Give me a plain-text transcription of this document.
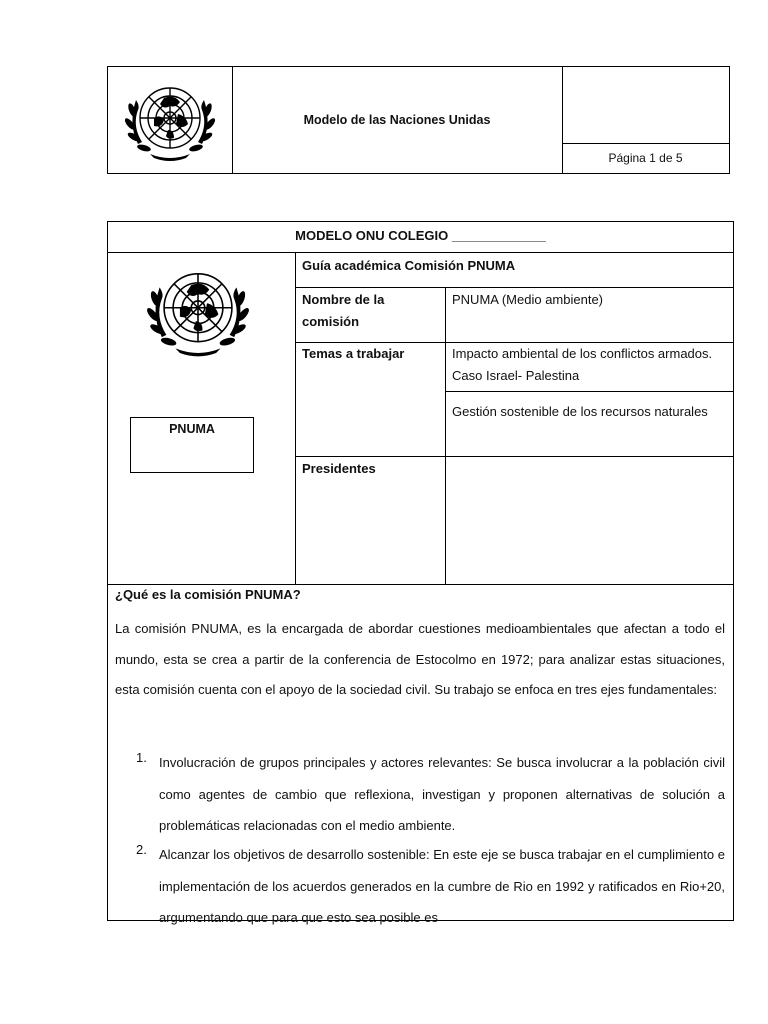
Modelo de las Naciones Unidas
Página 1 de 5
MODELO ONU COLEGIO _____________
PNUMA
Guía académica Comisión PNUMA
Nombre de la comisión
PNUMA (Medio ambiente)
Temas a trabajar	Impacto ambiental de los conflictos armados. Caso Israel- Palestina
Gestión sostenible de los recursos naturales
Presidentes
¿Qué es la comisión PNUMA?
La comisión PNUMA, es la encargada de abordar cuestiones medioambientales que afectan a todo el mundo, esta se crea a partir de la conferencia de Estocolmo en 1972; para analizar estas situaciones, esta comisión cuenta con el apoyo de la sociedad civil. Su trabajo se enfoca en tres ejes fundamentales:
1. Involucración de grupos principales y actores relevantes: Se busca involucrar a la población civil como agentes de cambio que reflexiona, investigan y proponen alternativas de solución a problemáticas relacionadas con el medio ambiente.
2. Alcanzar los objetivos de desarrollo sostenible: En este eje se busca trabajar en el cumplimiento e implementación de los acuerdos generados en la cumbre de Rio en 1992 y ratificados en Rio+20, argumentando que para que esto sea posible es
